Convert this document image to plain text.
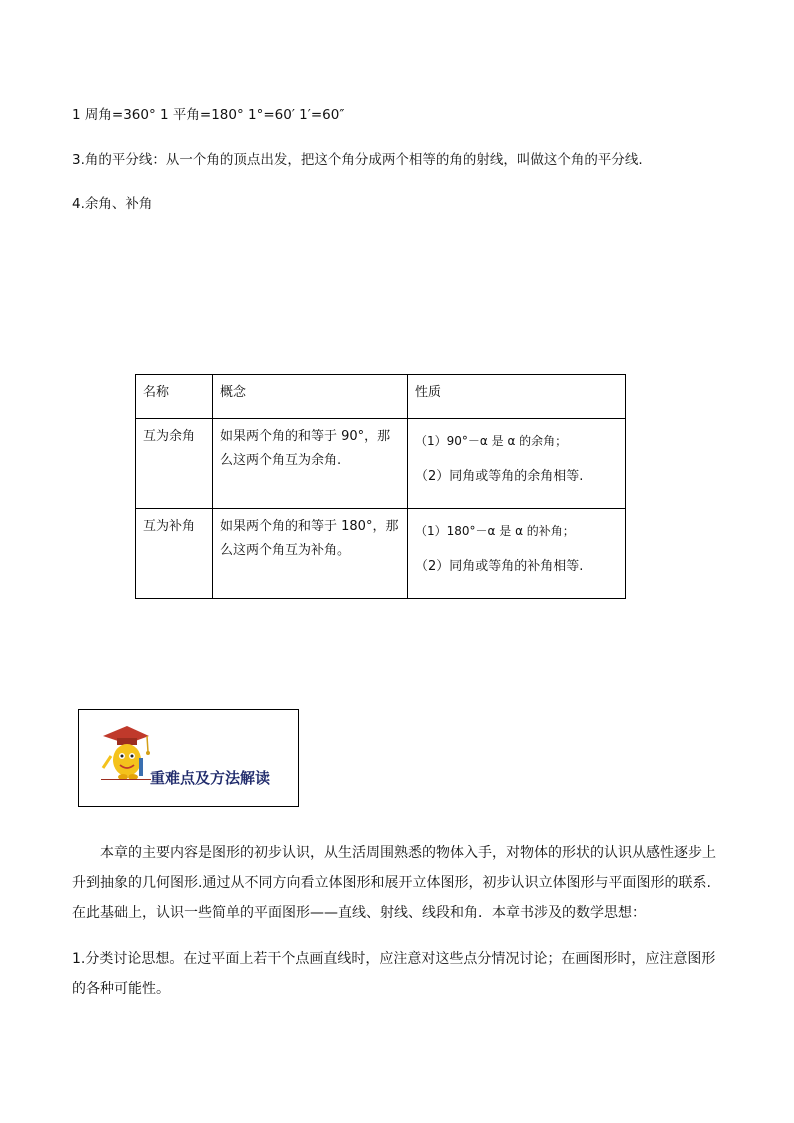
1 周角=360° 1 平角=180° 1°=60′ 1′=60″
3.角的平分线：从一个角的顶点出发，把这个角分成两个相等的角的射线，叫做这个角的平分线.
4.余角、补角
名称	概念	性质
互为余角	如果两个角的和等于 90°，那么这两个角互为余角.	（1）90°－α 是 α 的余角；
（2）同角或等角的余角相等.

互为补角	如果两个角的和等于 180°，那么这两个角互为补角。	（1）180°－α 是 α 的补角；
（2）同角或等角的补角相等.
重难点及方法解读
本章的主要内容是图形的初步认识，从生活周围熟悉的物体入手，对物体的形状的认识从感性逐步上升到抽象的几何图形.通过从不同方向看立体图形和展开立体图形，初步认识立体图形与平面图形的联系.在此基础上，认识一些简单的平面图形——直线、射线、线段和角．本章书涉及的数学思想：
1.分类讨论思想。在过平面上若干个点画直线时，应注意对这些点分情况讨论；在画图形时，应注意图形的各种可能性。
